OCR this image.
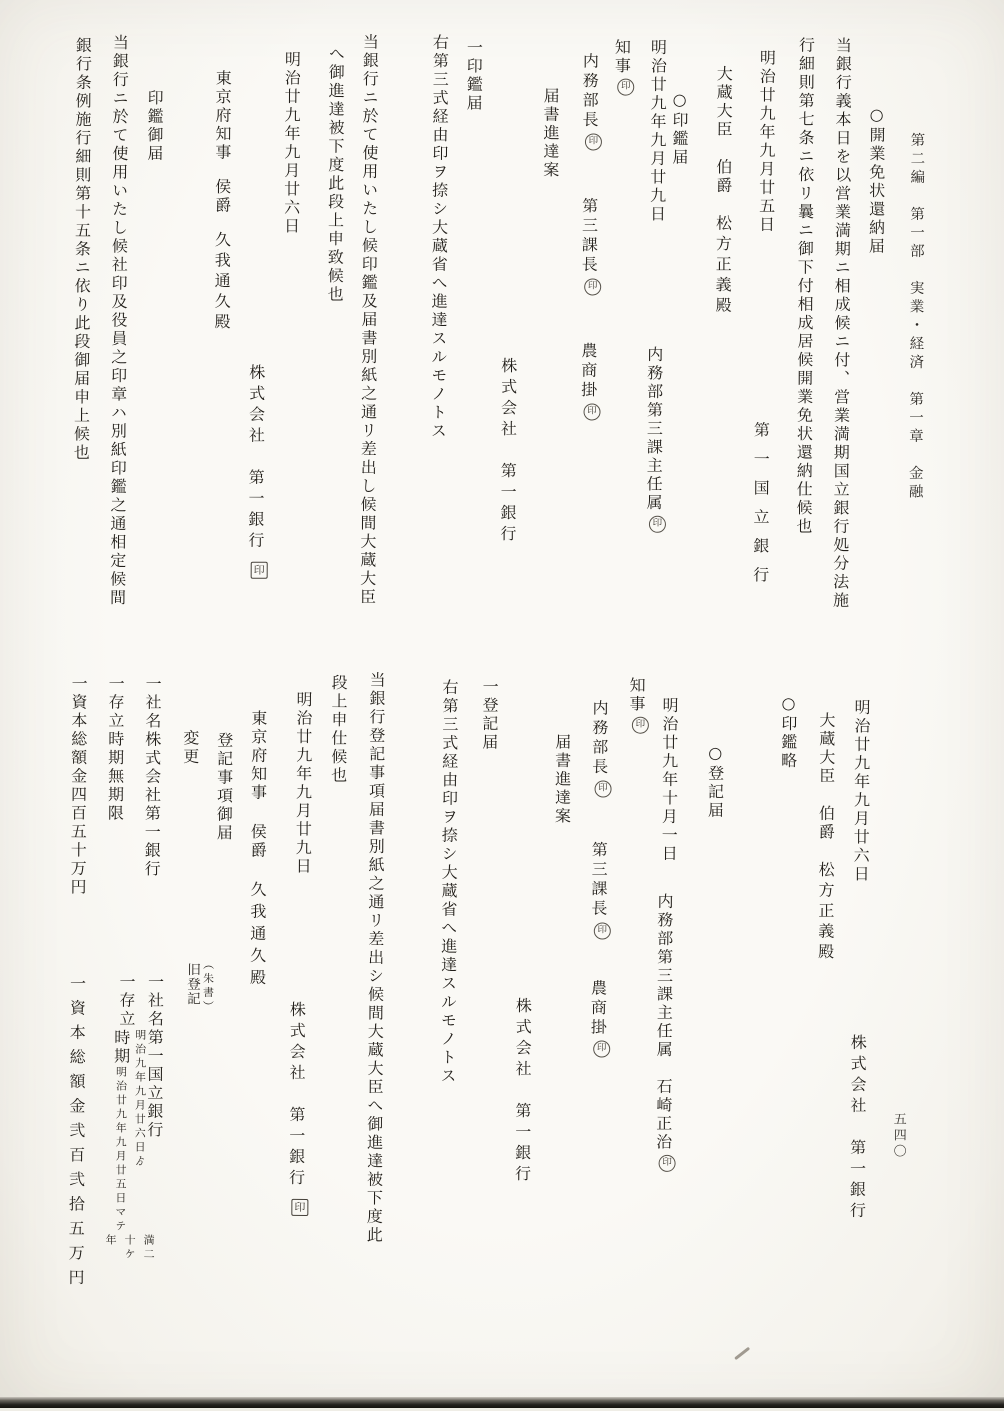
第二編　第一部　実業・経済　第一章　金融
五四〇
○開業免状還納届
当銀行義本日を以営業満期ニ相成候ニ付、営業満期国立銀行処分法施
行細則第七条ニ依リ曩ニ御下付相成居候開業免状還納仕候也
明治廿九年九月廿五日
第一国立銀行
大蔵大臣伯爵松方正義殿
○印鑑届
明治廿九年九月廿九日
内務部第三課主任属印
知事印
内務部長印第三課長印農商掛印
届書進達案
株式会社　第一銀行
一印鑑届
右第三式経由印ヲ捺シ大蔵省へ進達スルモノトス
当銀行ニ於て使用いたし候印鑑及届書別紙之通リ差出し候間大蔵大臣
へ御進達被下度此段上申致候也
明治廿九年九月廿六日
株式会社　第一銀行印
東京府知事侯爵久我通久殿
印鑑御届
当銀行ニ於て使用いたし候社印及役員之印章ハ別紙印鑑之通相定候間
銀行条例施行細則第十五条ニ依り此段御届申上候也
明治廿九年九月廿六日
株式会社　第一銀行
大蔵大臣伯爵松方正義殿
○印鑑略
○登記届
明治廿九年十月一日
内務部第三課主任属　石崎正治印
知事印
内務部長印第三課長印農商掛印
届書進達案
株式会社　第一銀行
一登記届
右第三式経由印ヲ捺シ大蔵省へ進達スルモノトス
当銀行登記事項届書別紙之通リ差出シ候間大蔵大臣へ御進達被下度此
段上申仕候也
明治廿九年九月廿九日
株式会社　第一銀行印
東京府知事侯爵久我通久殿
登記事項御届
変更
（朱書）
旧登記
一社名株式会社第一銀行
一社名第一国立銀行
一存立時期無期限
一存立
明治九年九月廿六日ゟ
時期明治廿九年九月廿五日マテ
満二
十ケ
年
一資本総額金四百五十万円
一資本総額金弐百弐拾五万円
